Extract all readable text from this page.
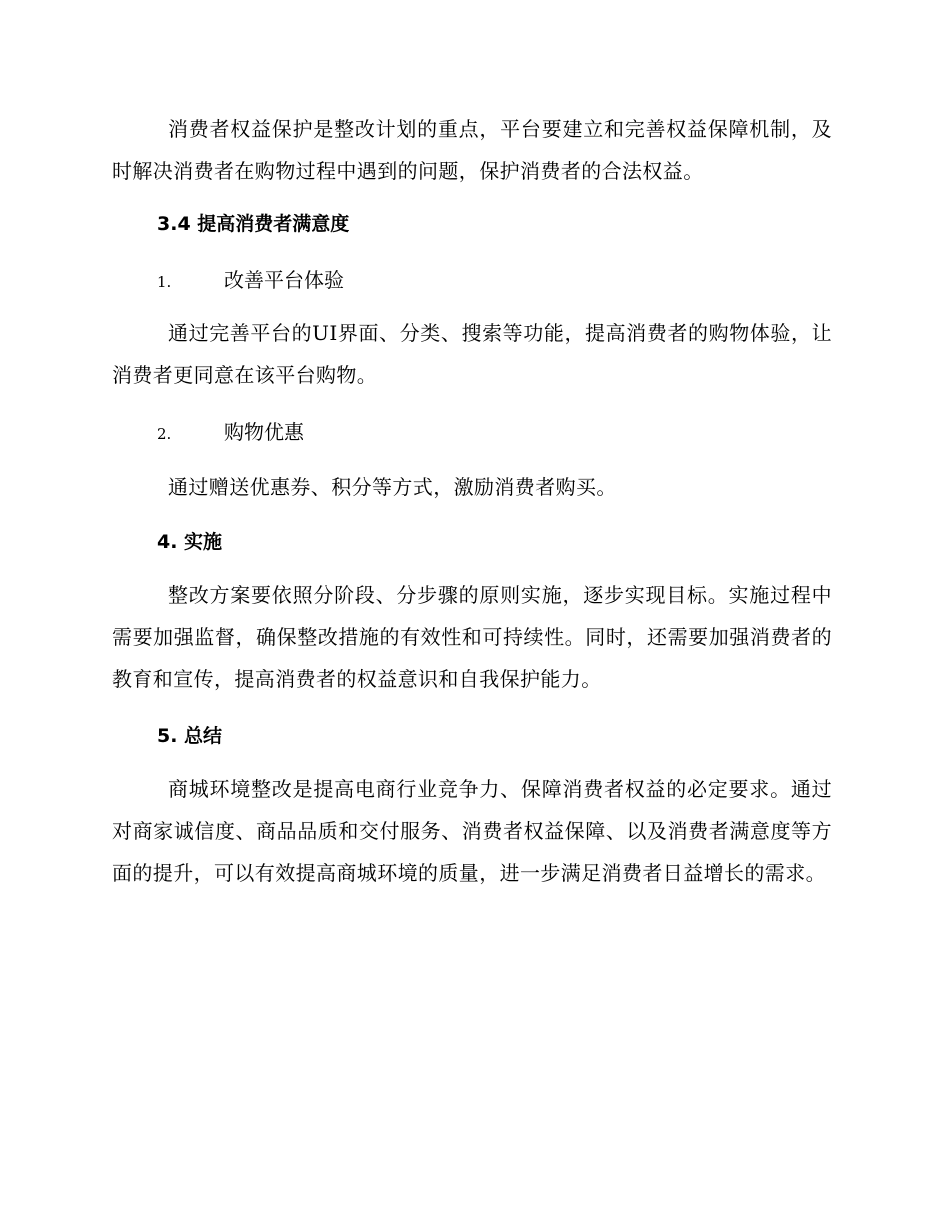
消费者权益保护是整改计划的重点，平台要建立和完善权益保障机制，及时解决消费者在购物过程中遇到的问题，保护消费者的合法权益。

3.4 提高消费者满意度
1.	改善平台体验

通过完善平台的UI界面、分类、搜索等功能，提高消费者的购物体验，让消费者更同意在该平台购物。

2.	购物优惠

通过赠送优惠券、积分等方式，激励消费者购买。

4. 实施

整改方案要依照分阶段、分步骤的原则实施，逐步实现目标。实施过程中需要加强监督，确保整改措施的有效性和可持续性。同时，还需要加强消费者的教育和宣传，提高消费者的权益意识和自我保护能力。

5. 总结

商城环境整改是提高电商行业竞争力、保障消费者权益的必定要求。通过对商家诚信度、商品品质和交付服务、消费者权益保障、以及消费者满意度等方面的提升，可以有效提高商城环境的质量，进一步满足消费者日益增长的需求。
